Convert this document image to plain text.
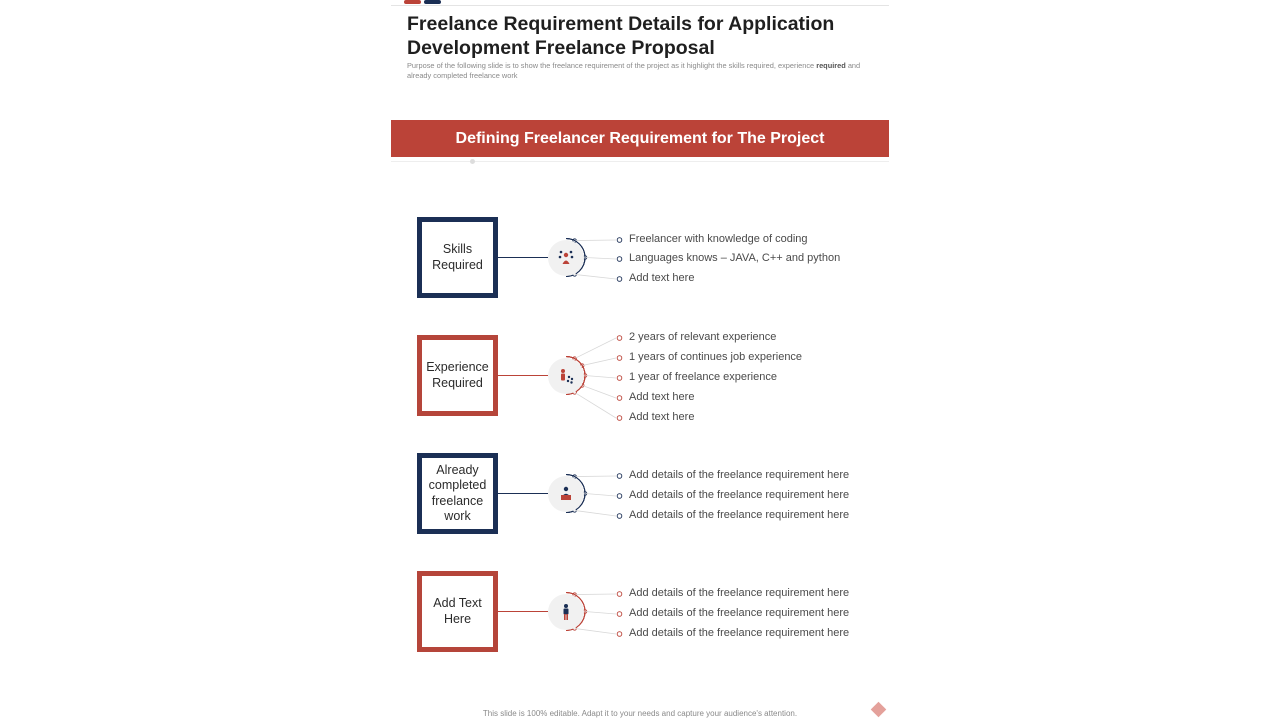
Freelance Requirement Details for Application Development Freelance Proposal

Purpose of the following slide is to show the freelance requirement of the project as it highlight the skills required, experience required and already completed freelance work

Defining Freelancer Requirement for The Project
Skills Required
Freelancer with knowledge of coding
Languages knows – JAVA, C++ and python
Add text here
Experience Required
2 years of relevant experience
1 years of continues job experience
1 year of freelance experience
Add text here
Add text here
Already completed freelance work
Add details of the freelance requirement here
Add details of the freelance requirement here
Add details of the freelance requirement here
Add Text Here
Add details of the freelance requirement here
Add details of the freelance requirement here
Add details of the freelance requirement here
This slide is 100% editable. Adapt it to your needs and capture your audience's attention.
